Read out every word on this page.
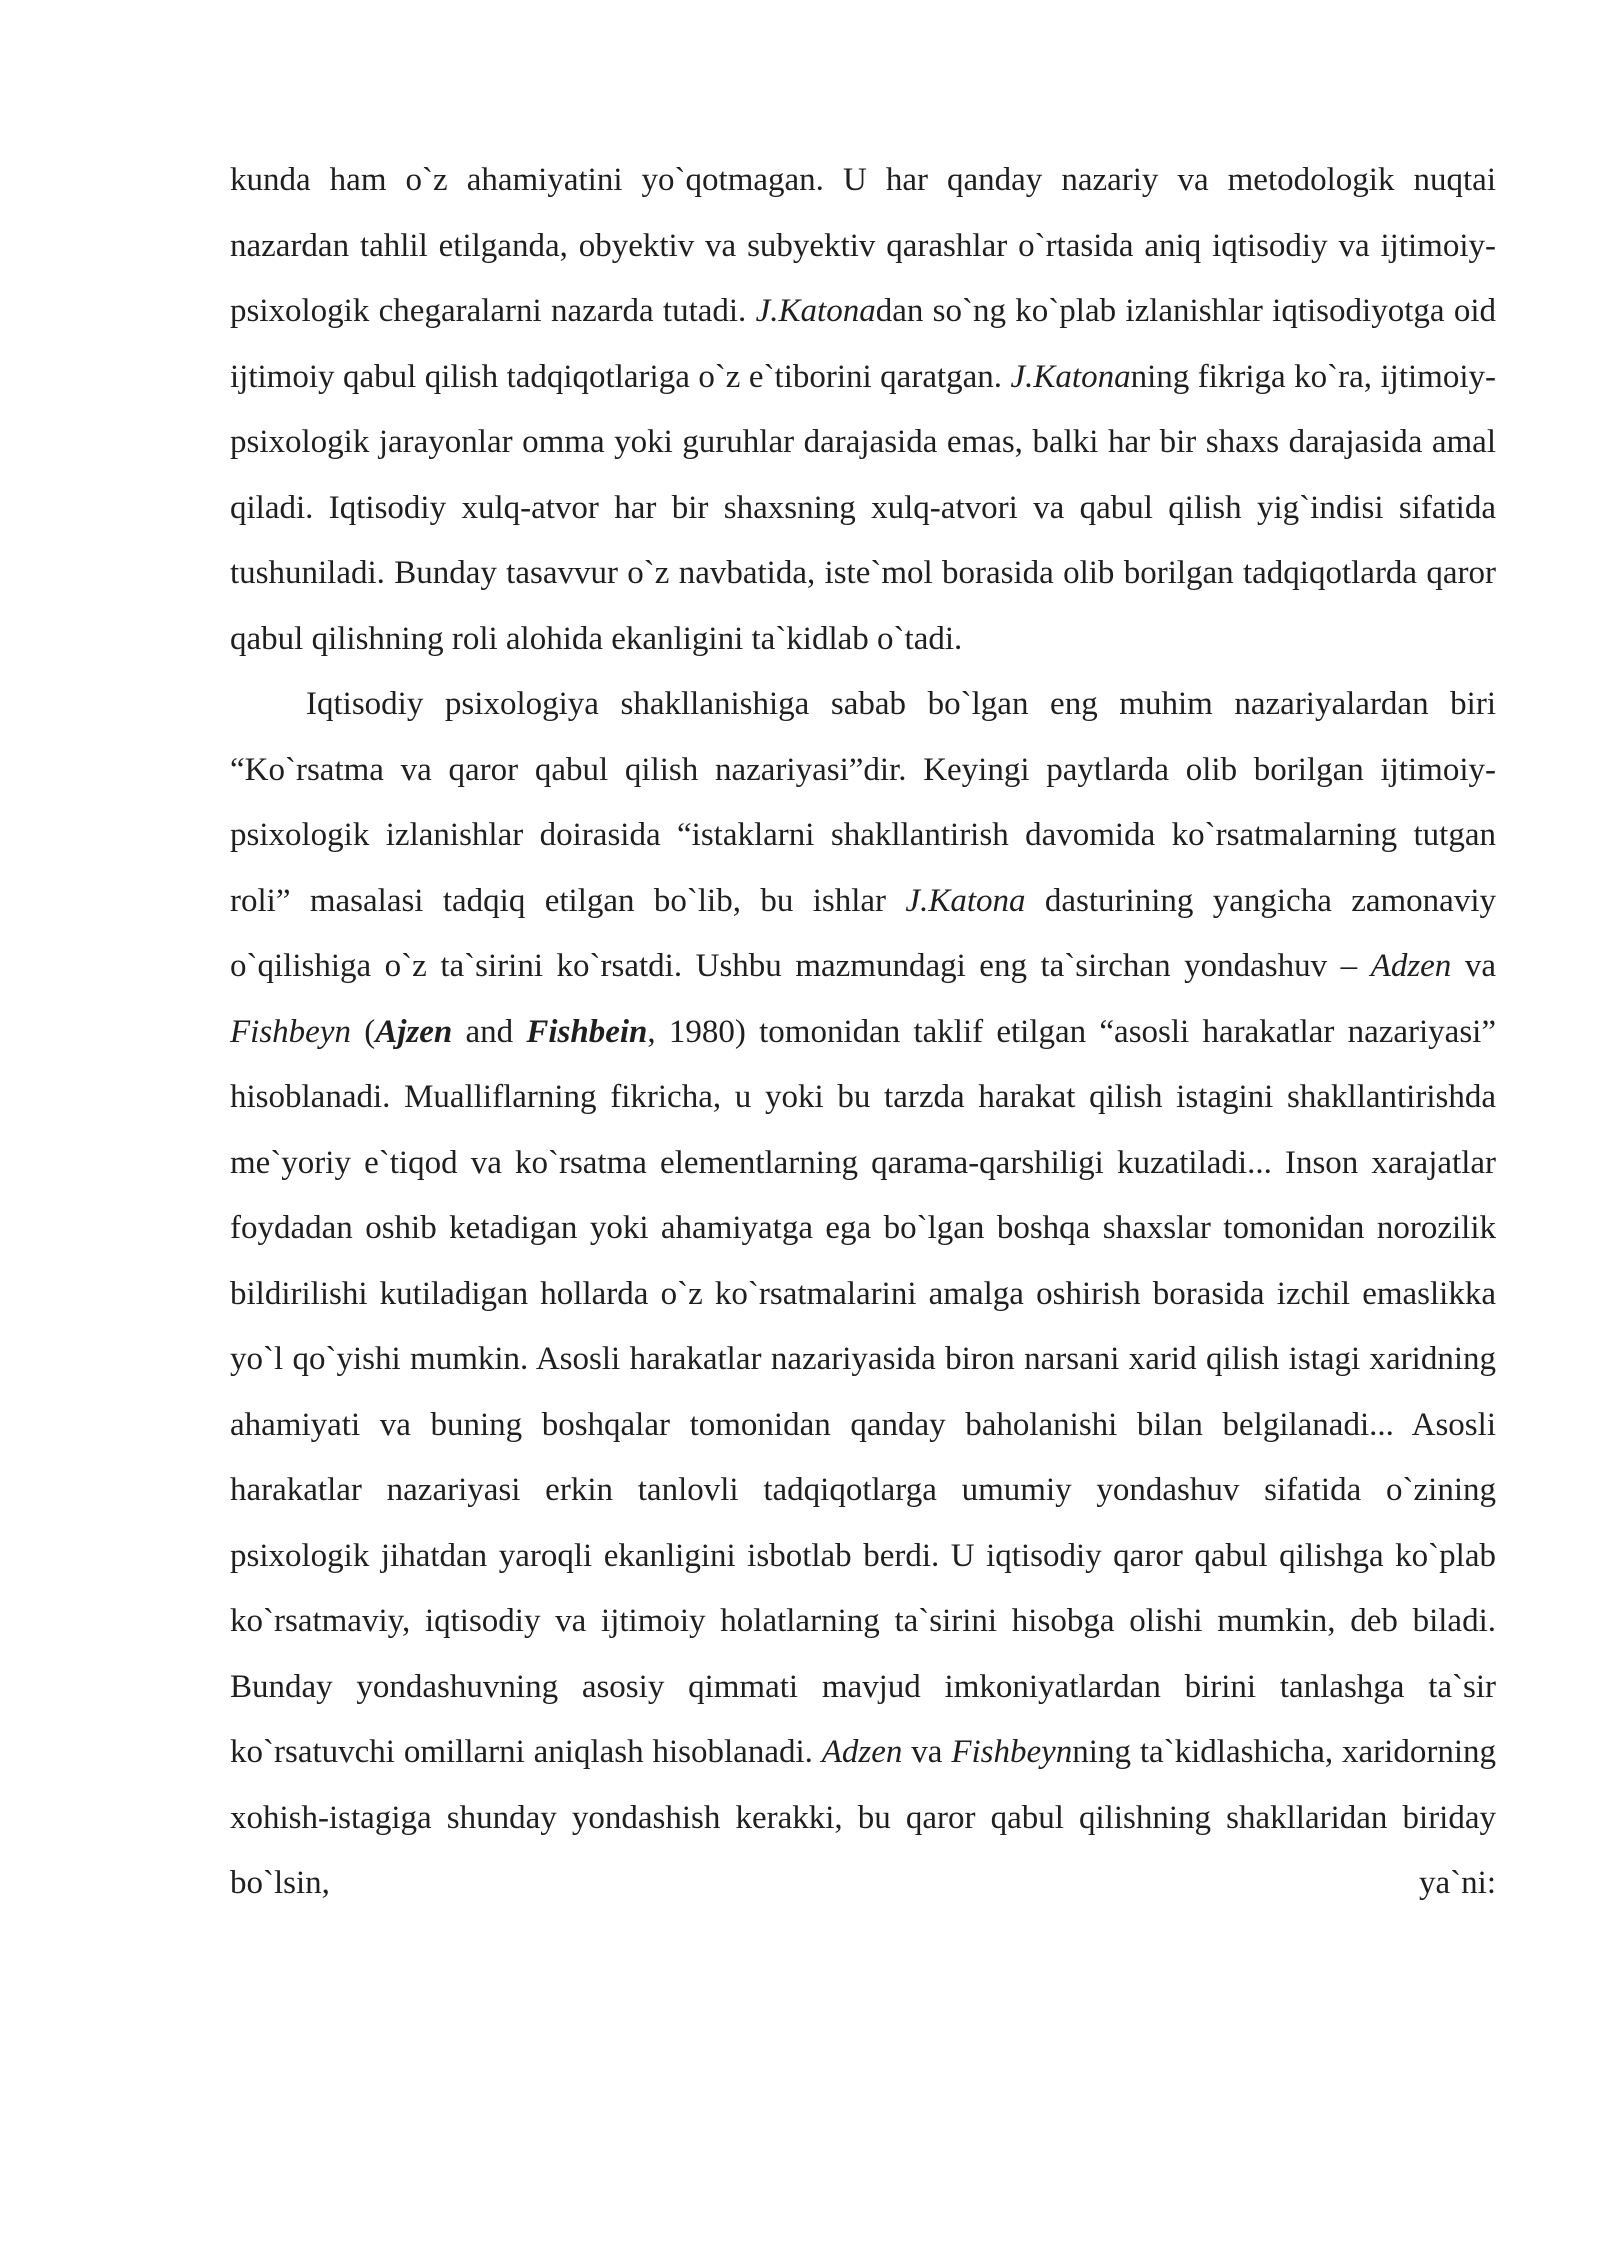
kunda ham o`z ahamiyatini yo`qotmagan. U har qanday nazariy va metodologik nuqtai nazardan tahlil etilganda, obyektiv va subyektiv qarashlar o`rtasida aniq iqtisodiy va ijtimoiy-psixologik chegaralarni nazarda tutadi. J.Katonadan so`ng ko`plab izlanishlar iqtisodiyotga oid ijtimoiy qabul qilish tadqiqotlariga o`z e`tiborini qaratgan. J.Katonaning fikriga ko`ra, ijtimoiy-psixologik jarayonlar omma yoki guruhlar darajasida emas, balki har bir shaxs darajasida amal qiladi. Iqtisodiy xulq-atvor har bir shaxsning xulq-atvori va qabul qilish yig`indisi sifatida tushuniladi. Bunday tasavvur o`z navbatida, iste`mol borasida olib borilgan tadqiqotlarda qaror qabul qilishning roli alohida ekanligini ta`kidlab o`tadi.

Iqtisodiy psixologiya shakllanishiga sabab bo`lgan eng muhim nazariyalardan biri “Ko`rsatma va qaror qabul qilish nazariyasi”dir. Keyingi paytlarda olib borilgan ijtimoiy-psixologik izlanishlar doirasida “istaklarni shakllantirish davomida ko`rsatmalarning tutgan roli” masalasi tadqiq etilgan bo`lib, bu ishlar J.Katona dasturining yangicha zamonaviy o`qilishiga o`z ta`sirini ko`rsatdi. Ushbu mazmundagi eng ta`sirchan yondashuv – Adzen va Fishbeyn (Ajzen and Fishbein, 1980) tomonidan taklif etilgan “asosli harakatlar nazariyasi” hisoblanadi. Mualliflarning fikricha, u yoki bu tarzda harakat qilish istagini shakllantirishda me`yoriy e`tiqod va ko`rsatma elementlarning qarama-qarshiligi kuzatiladi... Inson xarajatlar foydadan oshib ketadigan yoki ahamiyatga ega bo`lgan boshqa shaxslar tomonidan norozilik bildirilishi kutiladigan hollarda o`z ko`rsatmalarini amalga oshirish borasida izchil emaslikka yo`l qo`yishi mumkin. Asosli harakatlar nazariyasida biron narsani xarid qilish istagi xaridning ahamiyati va buning boshqalar tomonidan qanday baholanishi bilan belgilanadi... Asosli harakatlar nazariyasi erkin tanlovli tadqiqotlarga umumiy yondashuv sifatida o`zining psixologik jihatdan yaroqli ekanligini isbotlab berdi. U iqtisodiy qaror qabul qilishga ko`plab ko`rsatmaviy, iqtisodiy va ijtimoiy holatlarning ta`sirini hisobga olishi mumkin, deb biladi. Bunday yondashuvning asosiy qimmati mavjud imkoniyatlardan birini tanlashga ta`sir ko`rsatuvchi omillarni aniqlash hisoblanadi. Adzen va Fishbeynning ta`kidlashicha, xaridorning xohish-istagiga shunday yondashish kerakki, bu qaror qabul qilishning shakllaridan biriday bo`lsin, ya`ni:
